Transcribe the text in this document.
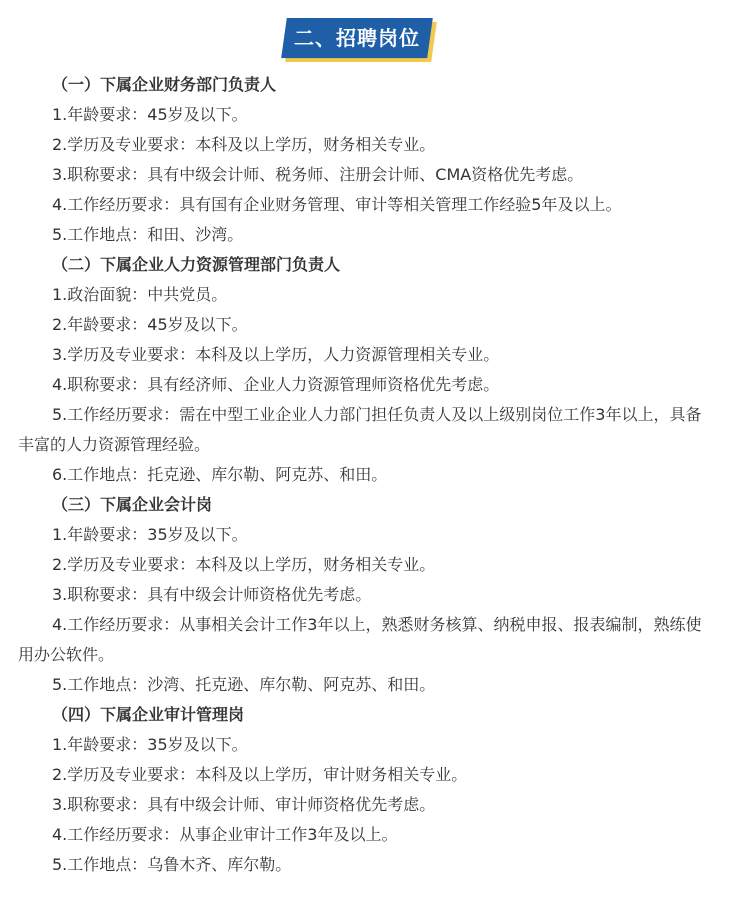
二、招聘岗位
（一）下属企业财务部门负责人
1.年龄要求：45岁及以下。
2.学历及专业要求：本科及以上学历，财务相关专业。
3.职称要求：具有中级会计师、税务师、注册会计师、CMA资格优先考虑。
4.工作经历要求：具有国有企业财务管理、审计等相关管理工作经验5年及以上。
5.工作地点：和田、沙湾。
（二）下属企业人力资源管理部门负责人
1.政治面貌：中共党员。
2.年龄要求：45岁及以下。
3.学历及专业要求：本科及以上学历，人力资源管理相关专业。
4.职称要求：具有经济师、企业人力资源管理师资格优先考虑。
5.工作经历要求：需在中型工业企业人力部门担任负责人及以上级别岗位工作3年以上，具备丰富的人力资源管理经验。
6.工作地点：托克逊、库尔勒、阿克苏、和田。
（三）下属企业会计岗
1.年龄要求：35岁及以下。
2.学历及专业要求：本科及以上学历，财务相关专业。
3.职称要求：具有中级会计师资格优先考虑。
4.工作经历要求：从事相关会计工作3年以上，熟悉财务核算、纳税申报、报表编制，熟练使用办公软件。
5.工作地点：沙湾、托克逊、库尔勒、阿克苏、和田。
（四）下属企业审计管理岗
1.年龄要求：35岁及以下。
2.学历及专业要求：本科及以上学历，审计财务相关专业。
3.职称要求：具有中级会计师、审计师资格优先考虑。
4.工作经历要求：从事企业审计工作3年及以上。
5.工作地点：乌鲁木齐、库尔勒。
